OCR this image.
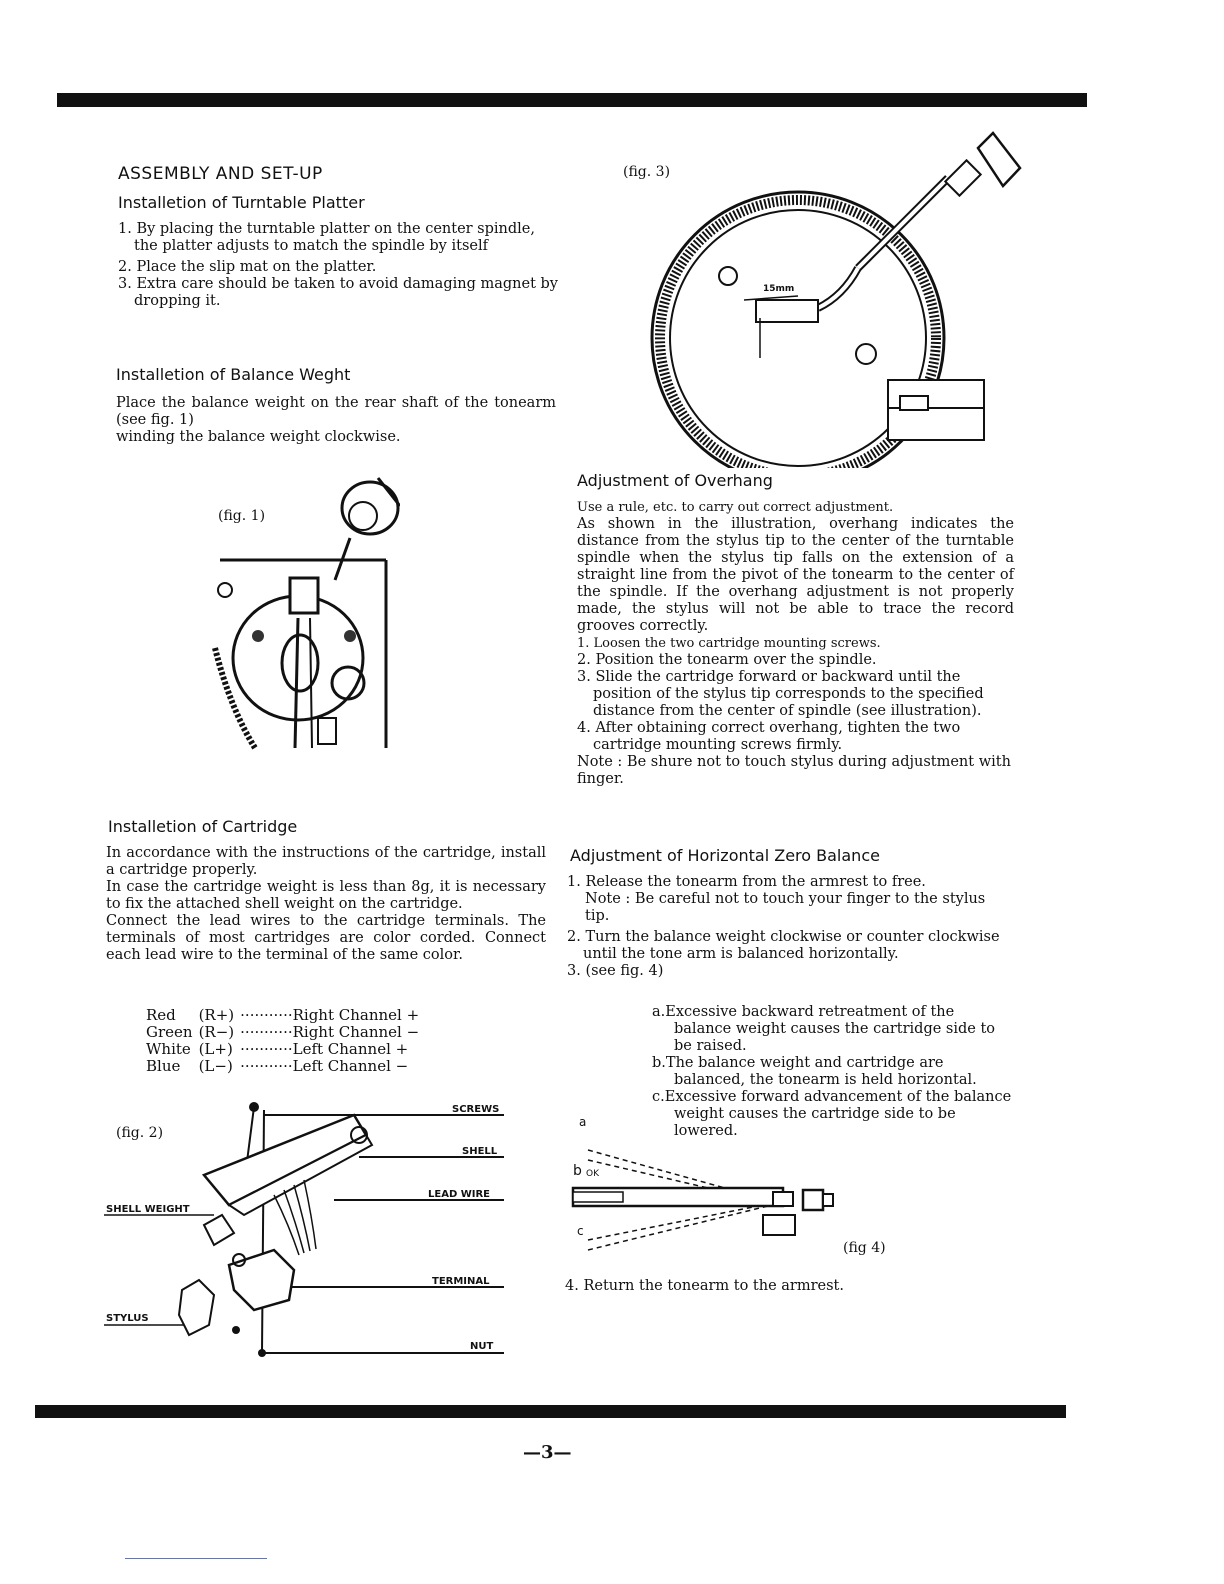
ASSEMBLY AND SET-UP
Installetion of Turntable Platter
1. By placing the turntable platter on the center spindle, the platter adjusts to match the spindle by itself
2. Place the slip mat on the platter.
3. Extra care should be taken to avoid damaging magnet by dropping it.
Installetion of Balance Weght
Place the balance weight on the rear shaft of the tonearm (see fig. 1)
winding the balance weight clockwise.
(fig. 1)
Installetion of Cartridge
In accordance with the instructions of the cartridge, install a cartridge properly.
In case the cartridge weight is less than 8g, it is necessary to fix the attached shell weight on the cartridge.
Connect the lead wires to the cartridge terminals. The terminals of most cartridges are color corded. Connect each lead wire to the terminal of the same color.
Red	(R+)	···········Right Channel +
Green	(R−)	···········Right Channel −
White	(L+)	···········Left Channel +
Blue	(L−)	···········Left Channel −
(fig. 2)
SCREWS
SHELL
LEAD WIRE
SHELL WEIGHT
TERMINAL
STYLUS
NUT
(fig. 3)
15mm
Adjustment of Overhang
Use a rule, etc. to carry out correct adjustment.
As shown in the illustration, overhang indicates the distance from the stylus tip to the center of the turntable spindle when the stylus tip falls on the extension of a straight line from the pivot of the tonearm to the center of the spindle. If the overhang adjustment is not properly made, the stylus will not be able to trace the record grooves correctly.
1. Loosen the two cartridge mounting screws.
2. Position the tonearm over the spindle.
3. Slide the cartridge forward or backward until the position of the stylus tip corresponds to the specified distance from the center of spindle (see illustration).
4. After obtaining correct overhang, tighten the two cartridge mounting screws firmly.
Note : Be shure not to touch stylus during adjustment with finger.
Adjustment of Horizontal Zero Balance
1. Release the tonearm from the armrest to free.
Note : Be careful not to touch your finger to the stylus tip.
2. Turn the balance weight clockwise or counter clockwise until the tone arm is balanced horizontally.
3. (see fig. 4)
a.Excessive backward retreatment of the balance weight causes the cartridge side to be raised.
b.The balance weight and cartridge are balanced, the tonearm is held horizontal.
c.Excessive forward advancement of the balance weight causes the cartridge side to be lowered.
a
b OK
c
(fig 4)
4. Return the tonearm to the armrest.
—3—
